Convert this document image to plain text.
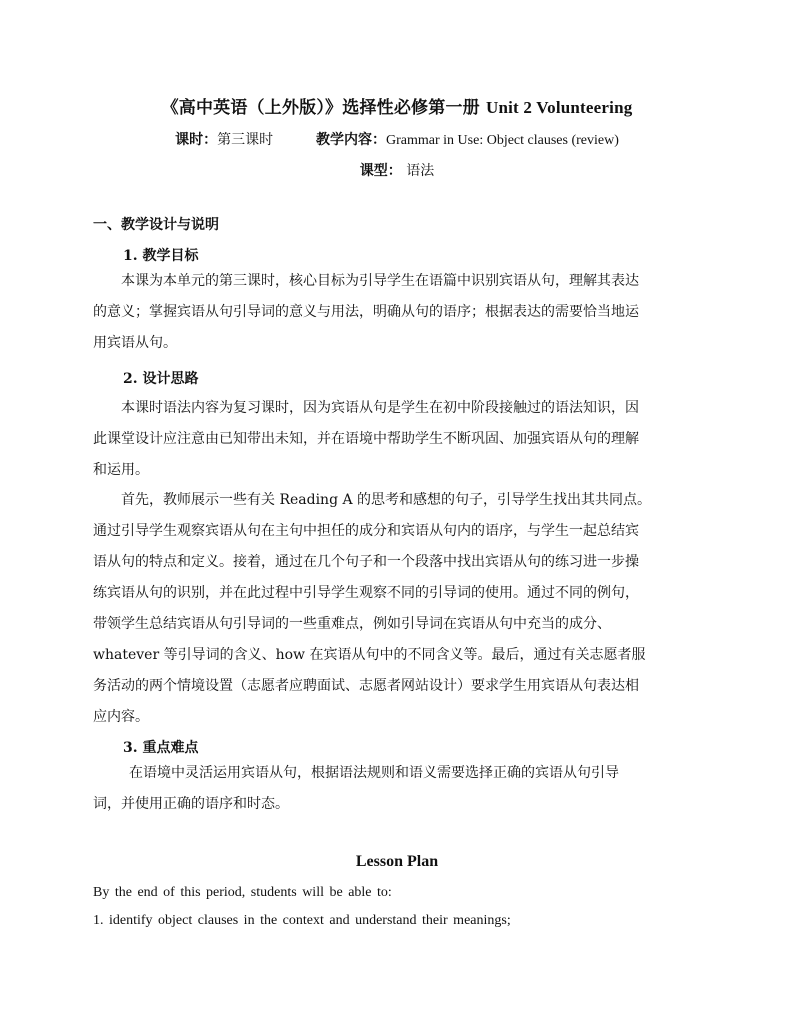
《高中英语（上外版）》选择性必修第一册 Unit 2 Volunteering
课时：第三课时	教学内容：Grammar in Use: Object clauses (review)
课型： 语法
一、教学设计与说明
1. 教学目标
本课为本单元的第三课时，核心目标为引导学生在语篇中识别宾语从句，理解其表达
的意义；掌握宾语从句引导词的意义与用法，明确从句的语序；根据表达的需要恰当地运
用宾语从句。
2. 设计思路
本课时语法内容为复习课时，因为宾语从句是学生在初中阶段接触过的语法知识，因
此课堂设计应注意由已知带出未知，并在语境中帮助学生不断巩固、加强宾语从句的理解
和运用。
首先，教师展示一些有关 Reading A 的思考和感想的句子，引导学生找出其共同点。
通过引导学生观察宾语从句在主句中担任的成分和宾语从句内的语序，与学生一起总结宾
语从句的特点和定义。接着，通过在几个句子和一个段落中找出宾语从句的练习进一步操
练宾语从句的识别，并在此过程中引导学生观察不同的引导词的使用。通过不同的例句，
带领学生总结宾语从句引导词的一些重难点，例如引导词在宾语从句中充当的成分、
whatever 等引导词的含义、how 在宾语从句中的不同含义等。最后，通过有关志愿者服
务活动的两个情境设置（志愿者应聘面试、志愿者网站设计）要求学生用宾语从句表达相
应内容。
3. 重点难点
在语境中灵活运用宾语从句，根据语法规则和语义需要选择正确的宾语从句引导
词，并使用正确的语序和时态。
Lesson Plan
By the end of this period, students will be able to:
1. identify object clauses in the context and understand their meanings;
